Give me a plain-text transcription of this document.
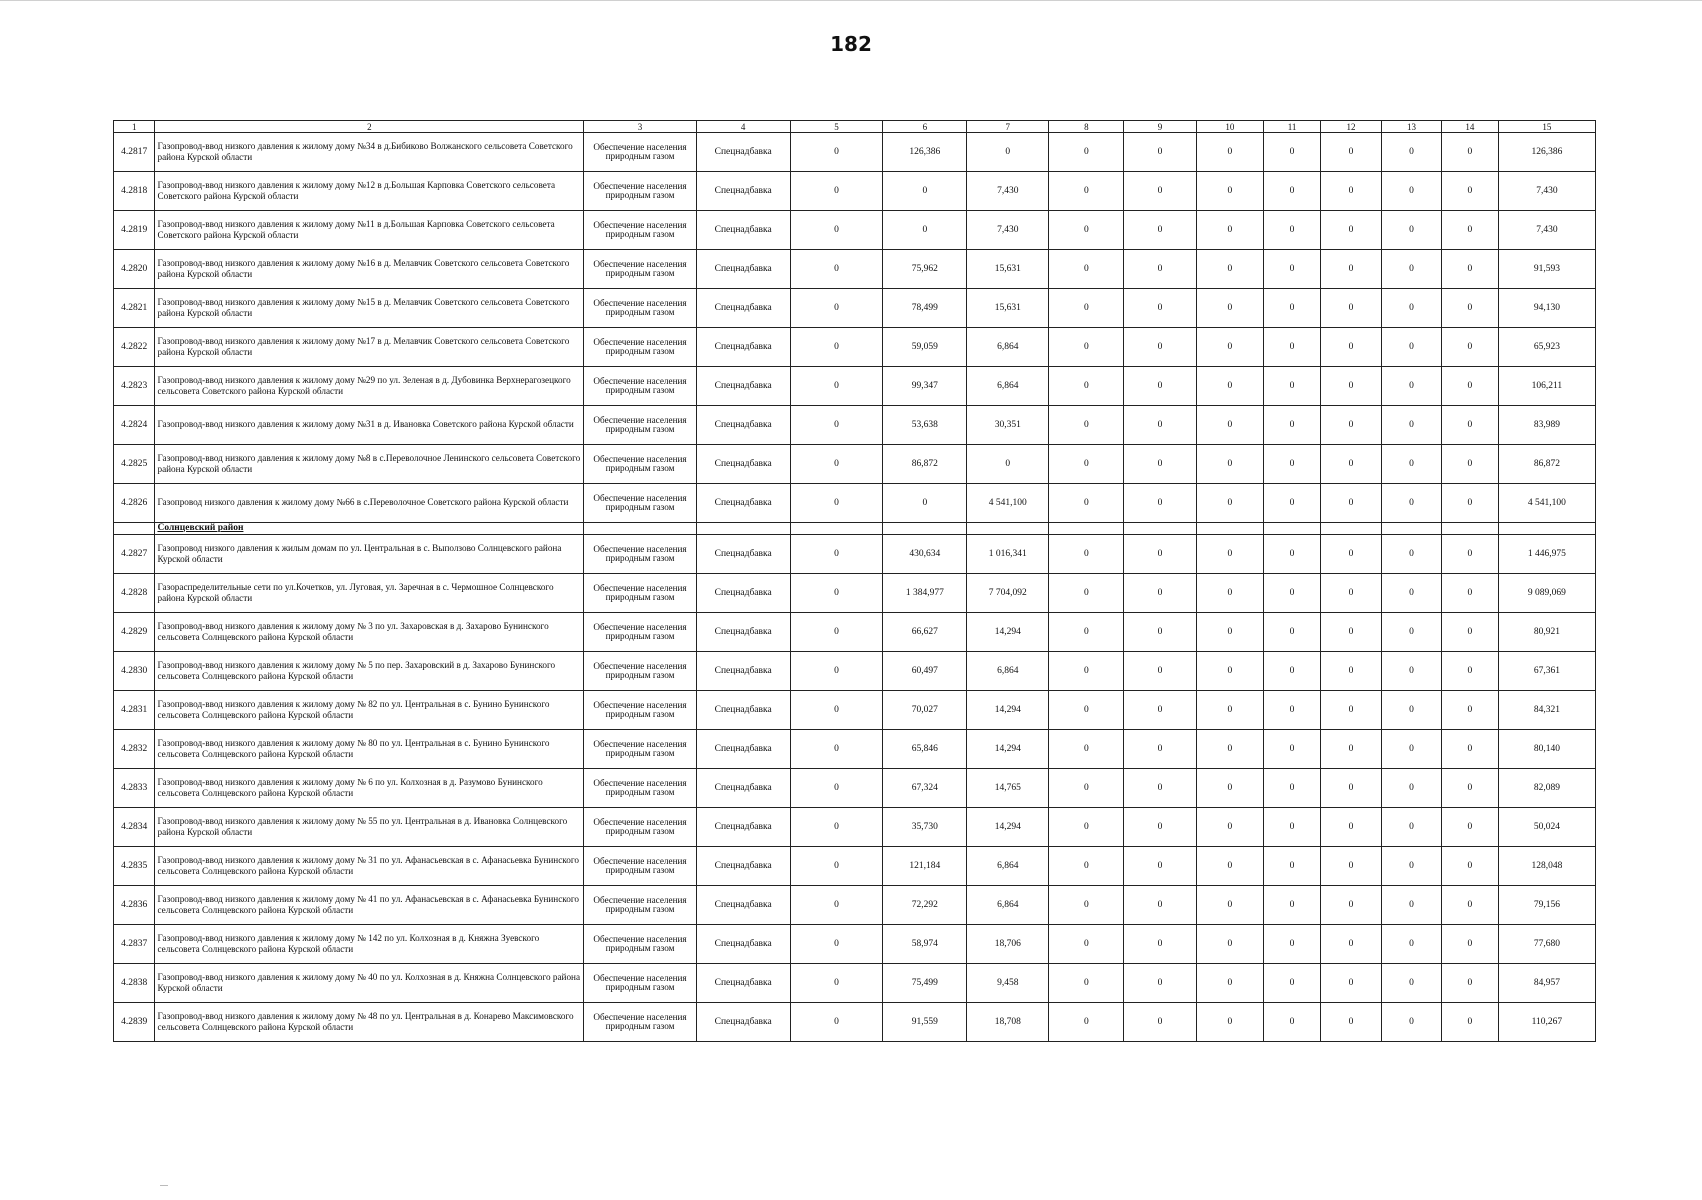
182
1	2	3	4	5	6	7	8	9	10	11	12	13	14	15
4.2817	Газопровод-ввод низкого давления к жилому дому №34 в д.Бибиково Волжанского сельсовета Советского района Курской области	Обеспечение населения природным газом	Спецнадбавка	0	126,386	0	0	0	0	0	0	0	0	126,386
4.2818	Газопровод-ввод низкого давления к жилому дому №12 в д.Большая Карповка Советского сельсовета Советского района Курской области	Обеспечение населения природным газом	Спецнадбавка	0	0	7,430	0	0	0	0	0	0	0	7,430
4.2819	Газопровод-ввод низкого давления к жилому дому №11 в д.Большая Карповка Советского сельсовета Советского района Курской области	Обеспечение населения природным газом	Спецнадбавка	0	0	7,430	0	0	0	0	0	0	0	7,430
4.2820	Газопровод-ввод низкого давления к жилому дому №16 в д. Мелавчик Советского сельсовета Советского района Курской области	Обеспечение населения природным газом	Спецнадбавка	0	75,962	15,631	0	0	0	0	0	0	0	91,593
4.2821	Газопровод-ввод низкого давления к жилому дому №15 в д. Мелавчик Советского сельсовета Советского района Курской области	Обеспечение населения природным газом	Спецнадбавка	0	78,499	15,631	0	0	0	0	0	0	0	94,130
4.2822	Газопровод-ввод низкого давления к жилому дому №17 в д. Мелавчик Советского сельсовета Советского района Курской области	Обеспечение населения природным газом	Спецнадбавка	0	59,059	6,864	0	0	0	0	0	0	0	65,923
4.2823	Газопровод-ввод низкого давления к жилому дому №29 по ул. Зеленая в д. Дубовинка Верхнерагозецкого сельсовета Советского района Курской области	Обеспечение населения природным газом	Спецнадбавка	0	99,347	6,864	0	0	0	0	0	0	0	106,211
4.2824	Газопровод-ввод низкого давления к жилому дому №31 в д. Ивановка Советского района Курской области	Обеспечение населения природным газом	Спецнадбавка	0	53,638	30,351	0	0	0	0	0	0	0	83,989
4.2825	Газопровод-ввод низкого давления к жилому дому №8 в с.Переволочное Ленинского сельсовета Советского района Курской области	Обеспечение населения природным газом	Спецнадбавка	0	86,872	0	0	0	0	0	0	0	0	86,872
4.2826	Газопровод низкого давления к жилому дому №66 в с.Переволочное Советского района Курской области	Обеспечение населения природным газом	Спецнадбавка	0	0	4 541,100	0	0	0	0	0	0	0	4 541,100
	Солнцевский район													
4.2827	Газопровод низкого давления к жилым домам по ул. Центральная в с. Выползово Солнцевского района Курской области	Обеспечение населения природным газом	Спецнадбавка	0	430,634	1 016,341	0	0	0	0	0	0	0	1 446,975
4.2828	Газораспределительные сети по ул.Кочетков, ул. Луговая, ул. Заречная в с. Чермошное Солнцевского района Курской области	Обеспечение населения природным газом	Спецнадбавка	0	1 384,977	7 704,092	0	0	0	0	0	0	0	9 089,069
4.2829	Газопровод-ввод низкого давления к жилому дому № 3 по ул. Захаровская в д. Захарово Бунинского сельсовета Солнцевского района Курской области	Обеспечение населения природным газом	Спецнадбавка	0	66,627	14,294	0	0	0	0	0	0	0	80,921
4.2830	Газопровод-ввод низкого давления к жилому дому № 5 по пер. Захаровский в д. Захарово Бунинского сельсовета Солнцевского района Курской области	Обеспечение населения природным газом	Спецнадбавка	0	60,497	6,864	0	0	0	0	0	0	0	67,361
4.2831	Газопровод-ввод низкого давления к жилому дому № 82 по ул. Центральная в с. Бунино Бунинского сельсовета Солнцевского района Курской области	Обеспечение населения природным газом	Спецнадбавка	0	70,027	14,294	0	0	0	0	0	0	0	84,321
4.2832	Газопровод-ввод низкого давления к жилому дому № 80 по ул. Центральная в с. Бунино Бунинского сельсовета Солнцевского района Курской области	Обеспечение населения природным газом	Спецнадбавка	0	65,846	14,294	0	0	0	0	0	0	0	80,140
4.2833	Газопровод-ввод низкого давления к жилому дому № 6 по ул. Колхозная в д. Разумово Бунинского сельсовета Солнцевского района Курской области	Обеспечение населения природным газом	Спецнадбавка	0	67,324	14,765	0	0	0	0	0	0	0	82,089
4.2834	Газопровод-ввод низкого давления к жилому дому № 55 по ул. Центральная в д. Ивановка Солнцевского района Курской области	Обеспечение населения природным газом	Спецнадбавка	0	35,730	14,294	0	0	0	0	0	0	0	50,024
4.2835	Газопровод-ввод низкого давления к жилому дому № 31 по ул. Афанасьевская в с. Афанасьевка Бунинского сельсовета Солнцевского района Курской области	Обеспечение населения природным газом	Спецнадбавка	0	121,184	6,864	0	0	0	0	0	0	0	128,048
4.2836	Газопровод-ввод низкого давления к жилому дому № 41 по ул. Афанасьевская в с. Афанасьевка Бунинского сельсовета Солнцевского района Курской области	Обеспечение населения природным газом	Спецнадбавка	0	72,292	6,864	0	0	0	0	0	0	0	79,156
4.2837	Газопровод-ввод низкого давления к жилому дому № 142 по ул. Колхозная в д. Княжна Зуевского сельсовета Солнцевского района Курской области	Обеспечение населения природным газом	Спецнадбавка	0	58,974	18,706	0	0	0	0	0	0	0	77,680
4.2838	Газопровод-ввод низкого давления к жилому дому № 40 по ул. Колхозная в д. Княжна Солнцевского района Курской области	Обеспечение населения природным газом	Спецнадбавка	0	75,499	9,458	0	0	0	0	0	0	0	84,957
4.2839	Газопровод-ввод низкого давления к жилому дому № 48 по ул. Центральная в д. Конарево Максимовского сельсовета Солнцевского района Курской области	Обеспечение населения природным газом	Спецнадбавка	0	91,559	18,708	0	0	0	0	0	0	0	110,267
